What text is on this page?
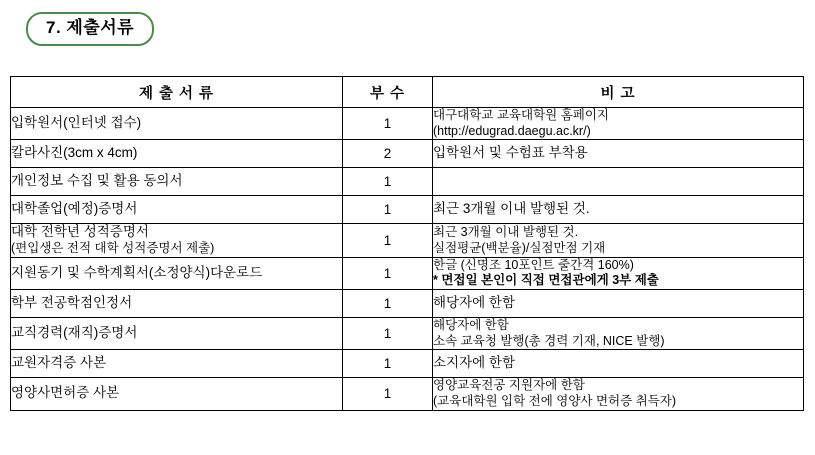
7. 제출서류
제 출 서 류	부 수	비 고

입학원서(인터넷 접수)	1	대구대학교 교육대학원 홈페이지
(http://edugrad.daegu.ac.kr/)

칼라사진(3cm x 4cm)	2	입학원서 및 수험표 부착용

개인정보 수집 및 활용 동의서	1	

대학졸업(예정)증명서	1	최근 3개월 이내 발행된 것.

대학 전학년 성적증명서
(편입생은 전적 대학 성적증명서 제출)	1	최근 3개월 이내 발행된 것.
실점평균(백분율)/실점만점 기재

지원동기 및 수학계획서(소정양식)다운로드	1	한글 (신명조 10포인트 줄간격 160%)
* 면접일 본인이 직접 면접관에게 3부 제출

학부 전공학점인정서	1	해당자에 한함

교직경력(재직)증명서	1	해당자에 한함
소속 교육청 발행(총 경력 기재, NICE 발행)

교원자격증 사본	1	소지자에 한함

영양사면허증 사본	1	영양교육전공 지원자에 한함
(교육대학원 입학 전에 영양사 면허증 취득자)
